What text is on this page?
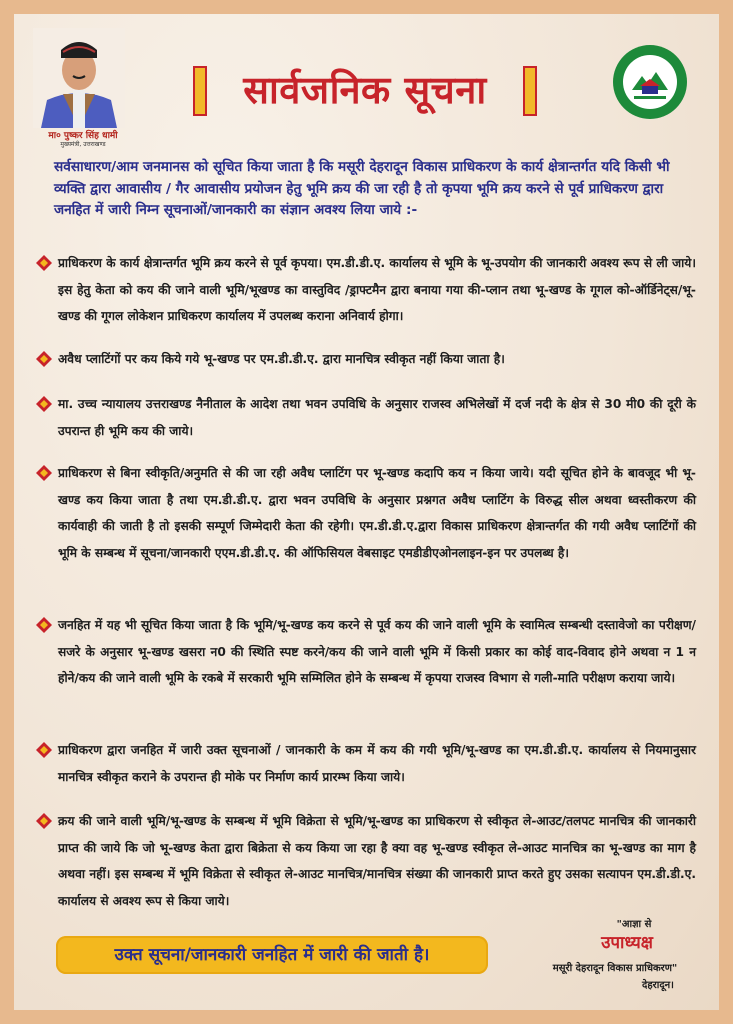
मा० पुष्कर सिंह धामी
मुख्यमंत्री, उत्तराखण्ड
सार्वजनिक सूचना
सर्वसाधारण/आम जनमानस को सूचित किया जाता है कि मसूरी देहरादून विकास प्राधिकरण के कार्य क्षेत्रान्तर्गत यदि किसी भी व्यक्ति द्वारा आवासीय / गैर आवासीय प्रयोजन हेतु भूमि क्रय की जा रही है तो कृपया भूमि क्रय करने से पूर्व प्राधिकरण द्वारा जनहित में जारी निम्न सूचनाओं/जानकारी का संज्ञान अवश्य लिया जाये :-
प्राधिकरण के कार्य क्षेत्रान्तर्गत भूमि क्रय करने से पूर्व कृपया। एम.डी.डी.ए. कार्यालय से भूमि के भू-उपयोग की जानकारी अवश्य रूप से ली जाये। इस हेतु केता को कय की जाने वाली भूमि/भूखण्ड का वास्तुविद /ड्राफ्टमैन द्वारा बनाया गया की-प्लान तथा भू-खण्ड के गूगल को-ऑर्डिनेट्स/भू-खण्ड की गूगल लोकेशन प्राधिकरण कार्यालय में उपलब्ध कराना अनिवार्य होगा।
अवैध प्लाटिंगों पर कय किये गये भू-खण्ड पर एम.डी.डी.ए. द्वारा मानचित्र स्वीकृत नहीं किया जाता है।
मा. उच्च न्यायालय उत्तराखण्ड नैनीताल के आदेश तथा भवन उपविधि के अनुसार राजस्व अभिलेखों में दर्ज नदी के क्षेत्र से 30 मी0 की दूरी के उपरान्त ही भूमि कय की जाये।
प्राधिकरण से बिना स्वीकृति/अनुमति से की जा रही अवैध प्लाटिंग पर भू-खण्ड कदापि कय न किया जाये। यदी सूचित होने के बावजूद भी भू-खण्ड कय किया जाता है तथा एम.डी.डी.ए. द्वारा भवन उपविधि के अनुसार प्रश्नगत अवैध प्लाटिंग के विरुद्ध सील अथवा ध्वस्तीकरण की कार्यवाही की जाती है तो इसकी सम्पूर्ण जिम्मेदारी केता की रहेगी। एम.डी.डी.ए.द्वारा विकास प्राधिकरण क्षेत्रान्तर्गत की गयी अवैध प्लाटिंगों की भूमि के सम्बन्ध में सूचना/जानकारी एएम.डी.डी.ए. की ऑफिसियल वेबसाइट एमडीडीएओनलाइन-इन पर उपलब्ध है।
जनहित में यह भी सूचित किया जाता है कि भूमि/भू-खण्ड कय करने से पूर्व कय की जाने वाली भूमि के स्वामित्व सम्बन्धी दस्तावेजो का परीक्षण/सजरे के अनुसार भू-खण्ड खसरा न0 की स्थिति स्पष्ट करने/कय की जाने वाली भूमि में किसी प्रकार का कोई वाद-विवाद होने अथवा न 1 न होने/कय की जाने वाली भूमि के रकबे में सरकारी भूमि सम्मिलित होने के सम्बन्ध में कृपया राजस्व विभाग से गली-माति परीक्षण कराया जाये।
प्राधिकरण द्वारा जनहित में जारी उक्त सूचनाओं / जानकारी के कम में कय की गयी भूमि/भू-खण्ड का एम.डी.डी.ए. कार्यालय से नियमानुसार मानचित्र स्वीकृत कराने के उपरान्त ही मोके पर निर्माण कार्य प्रारम्भ किया जाये।
क्रय की जाने वाली भूमि/भू-खण्ड के सम्बन्ध में भूमि विक्रेता से भूमि/भू-खण्ड का प्राधिकरण से स्वीकृत ले-आउट/तलपट मानचित्र की जानकारी प्राप्त की जाये कि जो भू-खण्ड केता द्वारा बिक्रेता से कय किया जा रहा है क्या वह भू-खण्ड स्वीकृत ले-आउट मानचित्र का भू-खण्ड का माग है अथवा नहीं। इस सम्बन्ध में भूमि विक्रेता से स्वीकृत ले-आउट मानचित्र/मानचित्र संख्या की जानकारी प्राप्त करते हुए उसका सत्यापन एम.डी.डी.ए. कार्यालय से अवश्य रूप से किया जाये।
उक्त सूचना/जानकारी जनहित में जारी की जाती है।
"आज्ञा से
उपाध्यक्ष
मसूरी देहरादून विकास प्राधिकरण"
देहरादून।
